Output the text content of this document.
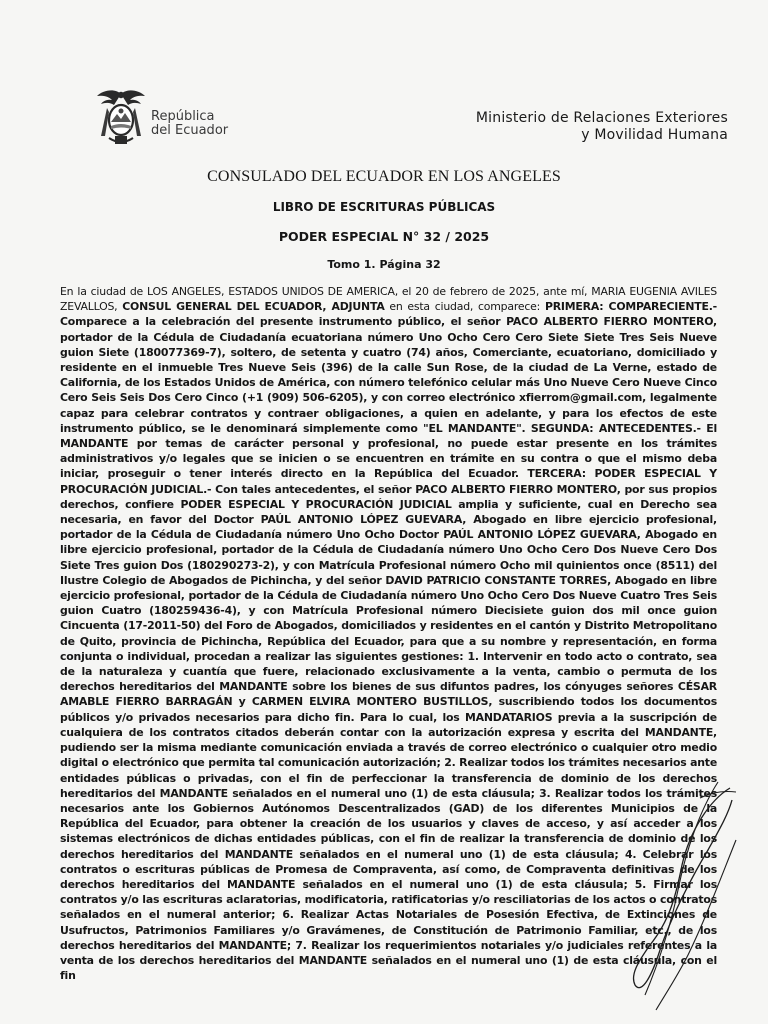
República
del Ecuador
Ministerio de Relaciones Exteriores
y Movilidad Humana
CONSULADO DEL ECUADOR EN LOS ANGELES
LIBRO DE ESCRITURAS PÚBLICAS
PODER ESPECIAL N° 32 / 2025
Tomo 1. Página 32
En la ciudad de LOS ANGELES, ESTADOS UNIDOS DE AMERICA, el 20 de febrero de 2025, ante mí, MARIA EUGENIA AVILES ZEVALLOS, CONSUL GENERAL DEL ECUADOR, ADJUNTA en esta ciudad, comparece: PRIMERA: COMPARECIENTE.- Comparece a la celebración del presente instrumento público, el señor PACO ALBERTO FIERRO MONTERO, portador de la Cédula de Ciudadanía ecuatoriana número Uno Ocho Cero Cero Siete Siete Tres Seis Nueve guion Siete (180077369-7), soltero, de setenta y cuatro (74) años, Comerciante, ecuatoriano, domiciliado y residente en el inmueble Tres Nueve Seis (396) de la calle Sun Rose, de la ciudad de La Verne, estado de California, de los Estados Unidos de América, con número telefónico celular más Uno Nueve Cero Nueve Cinco Cero Seis Seis Dos Cero Cinco (+1 (909) 506-6205), y con correo electrónico xfierrom@gmail.com, legalmente capaz para celebrar contratos y contraer obligaciones, a quien en adelante, y para los efectos de este instrumento público, se le denominará simplemente como "EL MANDANTE". SEGUNDA: ANTECEDENTES.- El MANDANTE por temas de carácter personal y profesional, no puede estar presente en los trámites administrativos y/o legales que se inicien o se encuentren en trámite en su contra o que el mismo deba iniciar, proseguir o tener interés directo en la República del Ecuador. TERCERA: PODER ESPECIAL Y PROCURACIÓN JUDICIAL.- Con tales antecedentes, el señor PACO ALBERTO FIERRO MONTERO, por sus propios derechos, confiere PODER ESPECIAL Y PROCURACIÓN JUDICIAL amplia y suficiente, cual en Derecho sea necesaria, en favor del Doctor PAÚL ANTONIO LÓPEZ GUEVARA, Abogado en libre ejercicio profesional, portador de la Cédula de Ciudadanía número Uno Ocho Doctor PAÚL ANTONIO LÓPEZ GUEVARA, Abogado en libre ejercicio profesional, portador de la Cédula de Ciudadanía número Uno Ocho Cero Dos Nueve Cero Dos Siete Tres guion Dos (180290273-2), y con Matrícula Profesional número Ocho mil quinientos once (8511) del Ilustre Colegio de Abogados de Pichincha, y del señor DAVID PATRICIO CONSTANTE TORRES, Abogado en libre ejercicio profesional, portador de la Cédula de Ciudadanía número Uno Ocho Cero Dos Nueve Cuatro Tres Seis guion Cuatro (180259436-4), y con Matrícula Profesional número Diecisiete guion dos mil once guion Cincuenta (17-2011-50) del Foro de Abogados, domiciliados y residentes en el cantón y Distrito Metropolitano de Quito, provincia de Pichincha, República del Ecuador, para que a su nombre y representación, en forma conjunta o individual, procedan a realizar las siguientes gestiones: 1. Intervenir en todo acto o contrato, sea de la naturaleza y cuantía que fuere, relacionado exclusivamente a la venta, cambio o permuta de los derechos hereditarios del MANDANTE sobre los bienes de sus difuntos padres, los cónyuges señores CÉSAR AMABLE FIERRO BARRAGÁN y CARMEN ELVIRA MONTERO BUSTILLOS, suscribiendo todos los documentos públicos y/o privados necesarios para dicho fin. Para lo cual, los MANDATARIOS previa a la suscripción de cualquiera de los contratos citados deberán contar con la autorización expresa y escrita del MANDANTE, pudiendo ser la misma mediante comunicación enviada a través de correo electrónico o cualquier otro medio digital o electrónico que permita tal comunicación autorización; 2. Realizar todos los trámites necesarios ante entidades públicas o privadas, con el fin de perfeccionar la transferencia de dominio de los derechos hereditarios del MANDANTE señalados en el numeral uno (1) de esta cláusula; 3. Realizar todos los trámites necesarios ante los Gobiernos Autónomos Descentralizados (GAD) de los diferentes Municipios de la República del Ecuador, para obtener la creación de los usuarios y claves de acceso, y así acceder a los sistemas electrónicos de dichas entidades públicas, con el fin de realizar la transferencia de dominio de los derechos hereditarios del MANDANTE señalados en el numeral uno (1) de esta cláusula; 4. Celebrar los contratos o escrituras públicas de Promesa de Compraventa, así como, de Compraventa definitivas de los derechos hereditarios del MANDANTE señalados en el numeral uno (1) de esta cláusula; 5. Firmar los contratos y/o las escrituras aclaratorias, modificatoria, ratificatorias y/o resciliatorias de los actos o contratos señalados en el numeral anterior; 6. Realizar Actas Notariales de Posesión Efectiva, de Extinciones de Usufructos, Patrimonios Familiares y/o Gravámenes, de Constitución de Patrimonio Familiar, etc., de los derechos hereditarios del MANDANTE; 7. Realizar los requerimientos notariales y/o judiciales referentes a la venta de los derechos hereditarios del MANDANTE señalados en el numeral uno (1) de esta cláusula, con el fin
